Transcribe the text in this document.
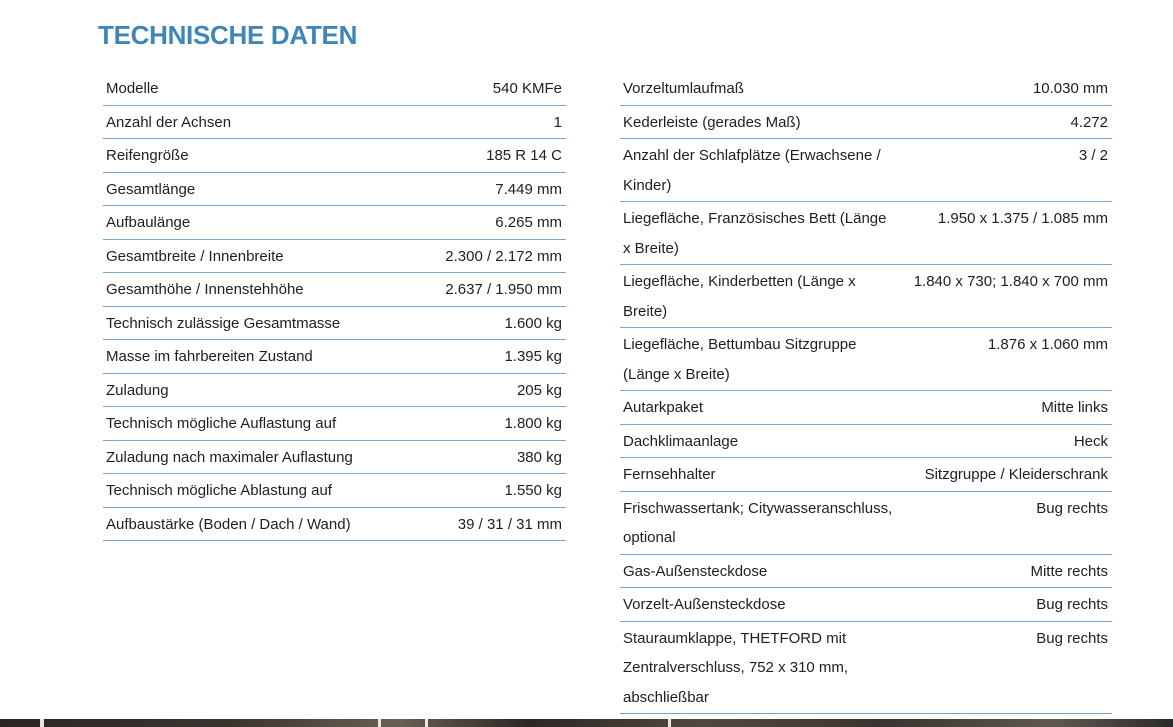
TECHNISCHE DATEN
Modelle	540 KMFe
Anzahl der Achsen	1
Reifengröße	185 R 14 C
Gesamtlänge	7.449 mm
Aufbaulänge	6.265 mm
Gesamtbreite / Innenbreite	2.300 / 2.172 mm
Gesamthöhe / Innenstehhöhe	2.637 / 1.950 mm
Technisch zulässige Gesamtmasse	1.600 kg
Masse im fahrbereiten Zustand	1.395 kg
Zuladung	205 kg
Technisch mögliche Auflastung auf	1.800 kg
Zuladung nach maximaler Auflastung	380 kg
Technisch mögliche Ablastung auf	1.550 kg
Aufbaustärke (Boden / Dach / Wand)	39 / 31 / 31 mm
Vorzeltumlaufmaß	10.030 mm
Kederleiste (gerades Maß)	4.272
Anzahl der Schlafplätze (Erwachsene / Kinder)	3 / 2
Liegefläche, Französisches Bett (Länge x Breite)	1.950 x 1.375 / 1.085 mm
Liegefläche, Kinderbetten (Länge x Breite)	1.840 x 730; 1.840 x 700 mm
Liegefläche, Bettumbau Sitzgruppe (Länge x Breite)	1.876 x 1.060 mm
Autarkpaket	Mitte links
Dachklimaanlage	Heck
Fernsehhalter	Sitzgruppe / Kleiderschrank
Frischwassertank; Citywasseranschluss, optional	Bug rechts
Gas-Außensteckdose	Mitte rechts
Vorzelt-Außensteckdose	Bug rechts
Stauraumklappe, THETFORD mit Zentralverschluss, 752 x 310 mm, abschließbar	Bug rechts
